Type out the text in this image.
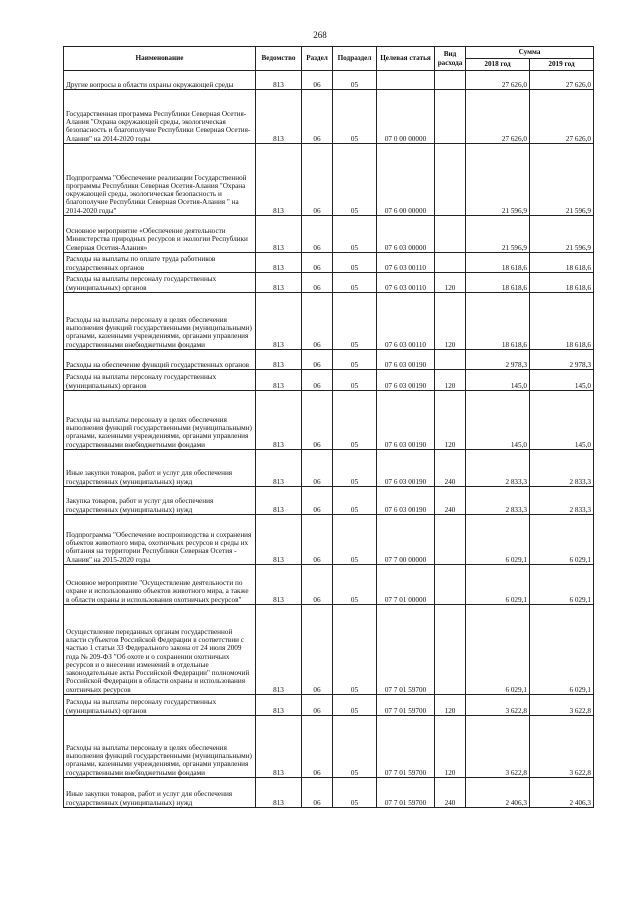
268
Наименование	Ведомство	Раздел	Подраздел	Целевая статья	Вид расхода	Сумма	
						2018 год	2019 год
Другие вопросы в области охраны окружающей среды	813	06	05			27 626,0	27 626,0
Государственная программа Республики Северная Осетия-Алания "Охрана окружающей среды, экологическая безопасность и благополучие Республики Северная Осетия-Алания" на 2014-2020 годы	813	06	05	07 0 00 00000		27 626,0	27 626,0
Подпрограмма "Обеспечение реализации Государственной программы Республики Северная Осетия-Алания "Охрана окружающей среды, экологическая безопасность и благополучие Республики Северная Осетия-Алания " на 2014-2020 годы"	813	06	05	07 6 00 00000		21 596,9	21 596,9
Основное мероприятие «Обеспечение деятельности Министерства природных ресурсов и экологии Республики Северная Осетия-Алания»	813	06	05	07 6 03 00000		21 596,9	21 596,9
Расходы на выплаты по оплате труда работников государственных органов	813	06	05	07 6 03 00110		18 618,6	18 618,6
Расходы на выплаты персоналу государственных (муниципальных) органов	813	06	05	07 6 03 00110	120	18 618,6	18 618,6
Расходы на выплаты персоналу в целях обеспечения выполнения функций государственными (муниципальными) органами, казенными учреждениями, органами управления государственными внебюджетными фондами	813	06	05	07 6 03 00110	120	18 618,6	18 618,6
Расходы на обеспечение функций государственных органов	813	06	05	07 6 03 00190		2 978,3	2 978,3
Расходы на выплаты персоналу государственных (муниципальных) органов	813	06	05	07 6 03 00190	120	145,0	145,0
Расходы на выплаты персоналу в целях обеспечения выполнения функций государственными (муниципальными) органами, казенными учреждениями, органами управления государственными внебюджетными фондами	813	06	05	07 6 03 00190	120	145,0	145,0
Иные закупки товаров, работ и услуг для обеспечения государственных (муниципальных) нужд	813	06	05	07 6 03 00190	240	2 833,3	2 833,3
Закупка товаров, работ и услуг для обеспечения государственных (муниципальных) нужд	813	06	05	07 6 03 00190	240	2 833,3	2 833,3
Подпрограмма "Обеспечение воспроизводства и сохранения объектов животного мира, охотничьих ресурсов и среды их обитания на территории Республики Северная Осетия - Алания" на 2015-2020 годы	813	06	05	07 7 00 00000		6 029,1	6 029,1
Основное мероприятие "Осуществление деятельности по охране и использованию объектов животного мира, а также в области охраны и использования охотничьих ресурсов"	813	06	05	07 7 01 00000		6 029,1	6 029,1
Осуществление переданных органам государственной власти субъектов Российской Федерации в соответствии с частью 1 статьи 33 Федерального закона от 24 июля 2009 года № 209-ФЗ "Об охоте и о сохранении охотничьих ресурсов и о внесении изменений в отдельные законодательные акты Российской Федерации" полномочий Российской Федерации в области охраны и использования охотничьих ресурсов	813	06	05	07 7 01 59700		6 029,1	6 029,1
Расходы на выплаты персоналу государственных (муниципальных) органов	813	06	05	07 7 01 59700	120	3 622,8	3 622,8
Расходы на выплаты персоналу в целях обеспечения выполнения функций государственными (муниципальными) органами, казенными учреждениями, органами управления государственными внебюджетными фондами	813	06	05	07 7 01 59700	120	3 622,8	3 622,8
Иные закупки товаров, работ и услуг для обеспечения государственных (муниципальных) нужд	813	06	05	07 7 01 59700	240	2 406,3	2 406,3
